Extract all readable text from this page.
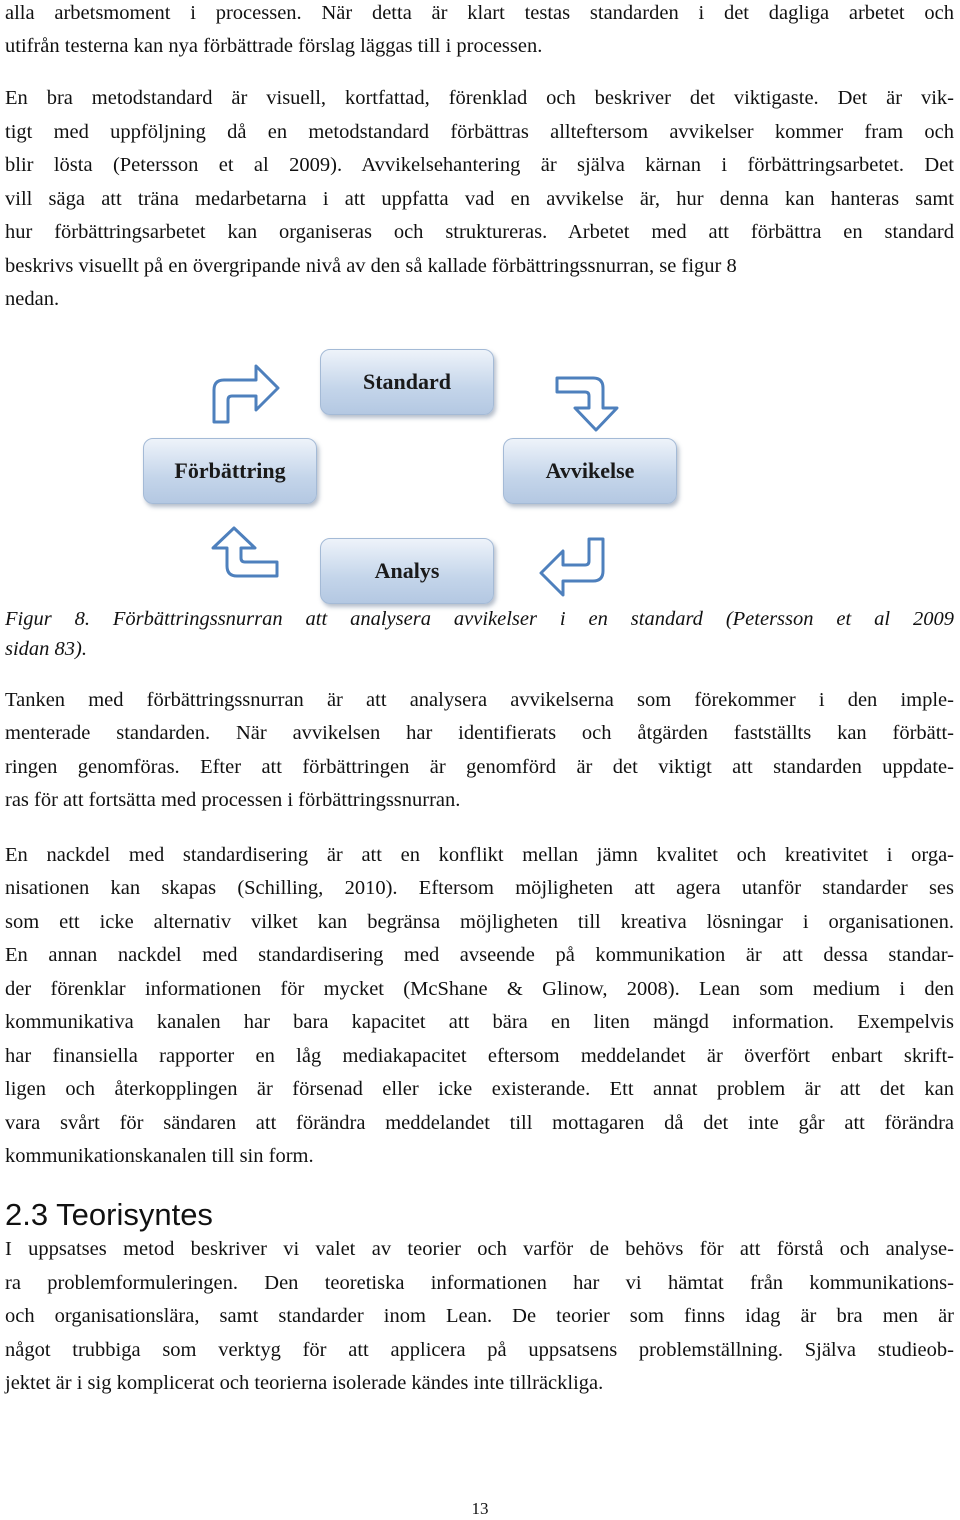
alla arbetsmoment i processen. När detta är klart testas standarden i det dagliga arbetet och
utifrån testerna kan nya förbättrade förslag läggas till i processen.
En bra metodstandard är visuell, kortfattad, förenklad och beskriver det viktigaste. Det är vik-
tigt med uppföljning då en metodstandard förbättras allteftersom avvikelser kommer fram och
blir lösta (Petersson et al 2009). Avvikelsehantering är själva kärnan i förbättringsarbetet. Det
vill säga att träna medarbetarna i att uppfatta vad en avvikelse är, hur denna kan hanteras samt
hur förbättringsarbetet kan organiseras och struktureras. Arbetet med att förbättra en standard
beskrivs visuellt på en övergripande nivå av den så kallade förbättringssnurran, se figur 8
nedan.
Standard
Förbättring	Avvikelse
Analys
Figur 8. Förbättringssnurran att analysera avvikelser i en standard (Petersson et al 2009
sidan 83).
Tanken med förbättringssnurran är att analysera avvikelserna som förekommer i den imple-
menterade standarden. När avvikelsen har identifierats och åtgärden fastställts kan förbätt-
ringen genomföras. Efter att förbättringen är genomförd är det viktigt att standarden uppdate-
ras för att fortsätta med processen i förbättringssnurran.
En nackdel med standardisering är att en konflikt mellan jämn kvalitet och kreativitet i orga-
nisationen kan skapas (Schilling, 2010). Eftersom möjligheten att agera utanför standarder ses
som ett icke alternativ vilket kan begränsa möjligheten till kreativa lösningar i organisationen.
En annan nackdel med standardisering med avseende på kommunikation är att dessa standar-
der förenklar informationen för mycket (McShane & Glinow, 2008). Lean som medium i den
kommunikativa kanalen har bara kapacitet att bära en liten mängd information. Exempelvis
har finansiella rapporter en låg mediakapacitet eftersom meddelandet är överfört enbart skrift-
ligen och återkopplingen är försenad eller icke existerande. Ett annat problem är att det kan
vara svårt för sändaren att förändra meddelandet till mottagaren då det inte går att förändra
kommunikationskanalen till sin form.
2.3 Teorisyntes
I uppsatses metod beskriver vi valet av teorier och varför de behövs för att förstå och analyse-
ra problemformuleringen. Den teoretiska informationen har vi hämtat från kommunikations-
och organisationslära, samt standarder inom Lean. De teorier som finns idag är bra men är
något trubbiga som verktyg för att applicera på uppsatsens problemställning. Själva studieob-
jektet är i sig komplicerat och teorierna isolerade kändes inte tillräckliga.
13
